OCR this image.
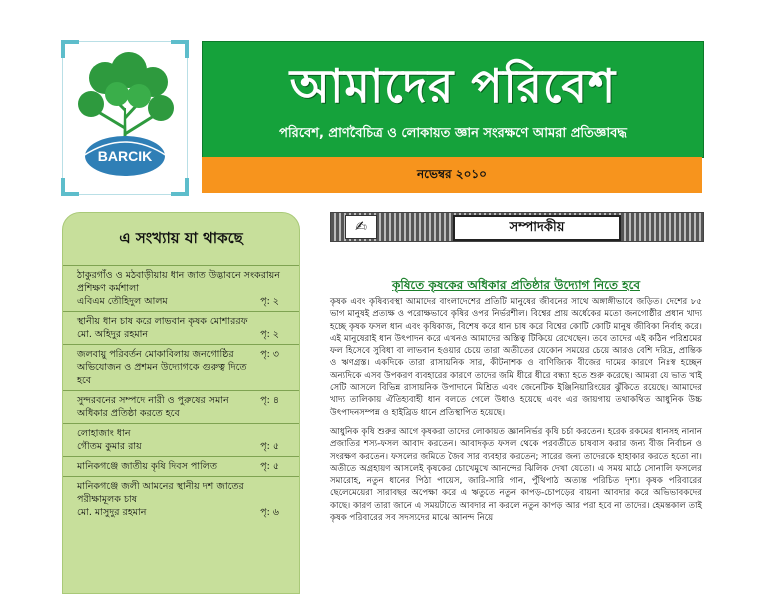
BARCIK
আমাদের পরিবেশ
পরিবেশ, প্রাণবৈচিত্র ও লোকায়ত জ্ঞান সংরক্ষণে আমরা প্রতিজ্ঞাবদ্ধ
নভেম্বর ২০১০
এ সংখ্যায় যা থাকছে
ঠাকুরগাঁও ও মঠবাড়ীয়ায় ধান জাত উদ্ভাবনে সংকরায়ন প্রশিক্ষণ কর্মশালা
এবিএম তৌহিদুল আলম	পৃ: ২
স্থানীয় ধান চাষ করে লাভবান কৃষক মোশাররফ
মো. অহিদুর রহমান	পৃ: ২
জলবায়ু পরিবর্তন মোকাবিলায় জনগোষ্ঠির অভিযোজন ও প্রশমন উদ্যোগকে গুরুত্ব দিতে হবে
পৃ: ৩
সুন্দরবনের সম্পদে নারী ও পুরুষের সমান অধিকার প্রতিষ্ঠা করতে হবে
পৃ: ৪
লোহাজাং ধান
গৌতম কুমার রায়	পৃ: ৫
মানিকগঞ্জে জাতীয় কৃষি দিবস পালিত	পৃ: ৫
মানিকগঞ্জে জলী আমনের স্থানীয় দশ জাতের পরীক্ষামূলক চাষ
মো. মাসুদুর রহমান	পৃ: ৬
✍	সম্পাদকীয়
কৃষিতে কৃষকের অধিকার প্রতিষ্ঠার উদ্যোগ নিতে হবে

কৃষক এবং কৃষিব্যবস্থা আমাদের বাংলাদেশের প্রতিটি মানুষের জীবনের সাথে অঙ্গাঙ্গীভাবে জড়িত। দেশের ৮৫ ভাগ মানুষই প্রত্যক্ষ ও পরোক্ষভাবে কৃষির ওপর নির্ভরশীল। বিশ্বের প্রায় অর্ধেকের মতো জনগোষ্ঠীর প্রধান খাদ্য হচ্ছে কৃষক ফসল ধান এবং কৃষিকাজ, বিশেষ করে ধান চাষ করে বিশ্বের কোটি কোটি মানুষ জীবিকা নির্বাহ করে। এই মানুষেরাই ধান উৎপাদন করে এখনও আমাদের অস্তিত্ব টিকিয়ে রেখেছেন। তবে তাদের এই কঠিন পরিশ্রমের ফল হিসেবে সুবিধা বা লাভবান হওয়ার চেয়ে তারা অতীতের যেকোন সময়ের চেয়ে আরও বেশি দরিদ্র, প্রান্তিক ও ঋণগ্রস্ত। একদিকে তারা রাসায়নিক সার, কীটনাশক ও বাণিজ্যিক বীজের দামের কারণে নিঃস্ব হচ্ছেন অন্যদিকে এসব উপকরণ ব্যবহারের কারণে তাদের জমি ধীরে ধীরে বন্ধ্যা হতে শুরু করেছে। আমরা যে ভাত খাই সেটি আসলে বিভিন্ন রাসায়নিক উপাদানে মিশ্রিত এবং জেনেটিক ইঞ্জিনিয়ারিংয়ের ঝুঁকিতে রয়েছে। আমাদের খাদ্য তালিকায় ঐতিহ্যবাহী ধান বলতে গেলে উধাও হয়েছে এবং এর জায়গায় তথাকথিত আধুনিক উচ্চ উৎপাদনসম্পন্ন ও হাইব্রিড ধানে প্রতিস্থাপিত হয়েছে।

আধুনিক কৃষি শুরুর আগে কৃষকরা তাদের লোকায়ত জ্ঞাননির্ভর কৃষি চর্চা করতেন। হরেক রকমের ধানসহ নানান প্রজাতির শস্য-ফসল আবাদ করতেন। আবাদকৃত ফসল থেকে পরবর্তীতে চাষবাস করার জন্য বীজ নির্বাচন ও সংরক্ষণ করতেন। ফসলের জমিতে জৈব সার ব্যবহার করতেন; সারের জন্য তাদেরকে হাহাকার করতে হতো না। অতীতে অগ্রহায়ণ আসলেই কৃষকের চোখেমুখে আনন্দের ঝিলিক দেখা যেতো। এ সময় মাঠে সোনালি ফসলের সমারোহ, নতুন ধানের পিঠা পায়েস, জারি-সারি গান, পুঁথিপাঠ অত্যন্ত পরিচিত দৃশ্য। কৃষক পরিবারের ছেলেমেয়েরা সারাবছর অপেক্ষা করে এ ঋতুতে নতুন কাপড়-চোপড়ের বায়না আবদার করে অভিভাবকদের কাছে। কারণ তারা জানে এ সময়টাতে আবদার না করলে নতুন কাপড় আর পরা হবে না তাদের। হেমন্তকাল তাই কৃষক পরিবারের সব সদস্যদের মাঝে আনন্দ নিয়ে
